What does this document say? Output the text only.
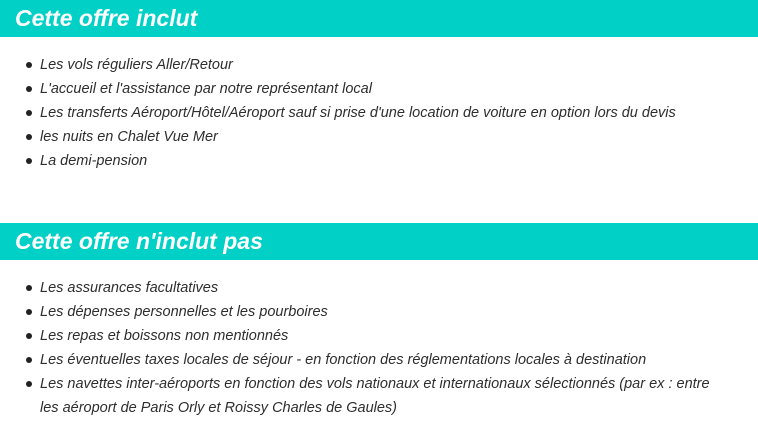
Cette offre inclut
Les vols réguliers Aller/Retour
L'accueil et l'assistance par notre représentant local
Les transferts Aéroport/Hôtel/Aéroport sauf si prise d'une location de voiture en option lors du devis
les nuits en Chalet Vue Mer
La demi-pension
Cette offre n'inclut pas
Les assurances facultatives
Les dépenses personnelles et les pourboires
Les repas et boissons non mentionnés
Les éventuelles taxes locales de séjour - en fonction des réglementations locales à destination
Les navettes inter-aéroports en fonction des vols nationaux et internationaux sélectionnés (par ex : entre les aéroport de Paris Orly et Roissy Charles de Gaules)
